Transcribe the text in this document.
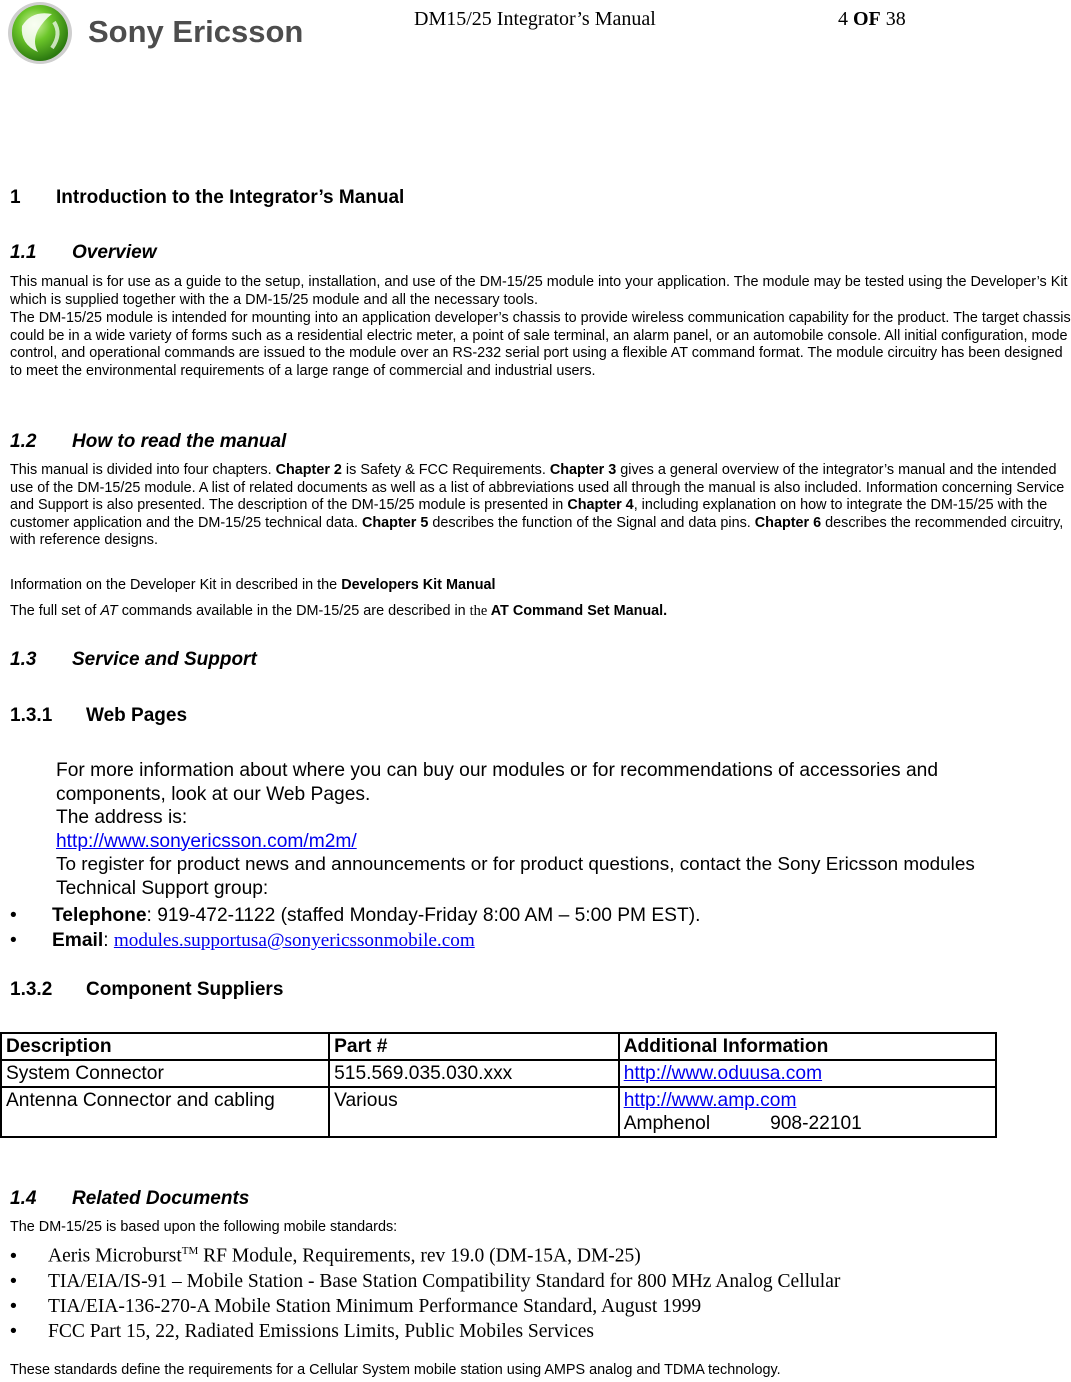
Sony Ericsson	DM15/25 Integrator’s Manual	4 OF 38
1 Introduction to the Integrator’s Manual
1.1 Overview
This manual is for use as a guide to the setup, installation, and use of the DM-15/25 module into your application. The module may be tested using the Developer’s Kit which is supplied together with the a DM-15/25 module and all the necessary tools.
The DM-15/25 module is intended for mounting into an application developer’s chassis to provide wireless communication capability for the product. The target chassis could be in a wide variety of forms such as a residential electric meter, a point of sale terminal, an alarm panel, or an automobile console. All initial configuration, mode control, and operational commands are issued to the module over an RS-232 serial port using a flexible AT command format. The module circuitry has been designed to meet the environmental requirements of a large range of commercial and industrial users.
1.2 How to read the manual
This manual is divided into four chapters. Chapter 2 is Safety & FCC Requirements. Chapter 3 gives a general overview of the integrator’s manual and the intended use of the DM-15/25 module. A list of related documents as well as a list of abbreviations used all through the manual is also included. Information concerning Service and Support is also presented. The description of the DM-15/25 module is presented in Chapter 4, including explanation on how to integrate the DM-15/25 with the customer application and the DM-15/25 technical data. Chapter 5 describes the function of the Signal and data pins. Chapter 6 describes the recommended circuitry, with reference designs.
Information on the Developer Kit in described in the Developers Kit Manual
The full set of AT commands available in the DM-15/25 are described in the AT Command Set Manual.
1.3 Service and Support
1.3.1 Web Pages
For more information about where you can buy our modules or for recommendations of accessories and
components, look at our Web Pages.
The address is:
http://www.sonyericsson.com/m2m/
To register for product news and announcements or for product questions, contact the Sony Ericsson modules
Technical Support group:
• Telephone: 919-472-1122 (staffed Monday-Friday 8:00 AM – 5:00 PM EST).
• Email: modules.supportusa@sonyericssonmobile.com
1.3.2 Component Suppliers
Description	Part #	Additional Information
System Connector	515.569.035.030.xxx	http://www.oduusa.com
Antenna Connector and cabling	Various	http://www.amp.com
Amphenol 908-22101
1.4 Related Documents
The DM-15/25 is based upon the following mobile standards:
• Aeris Microburst™ RF Module, Requirements, rev 19.0 (DM-15A, DM-25)
• TIA/EIA/IS-91 – Mobile Station - Base Station Compatibility Standard for 800 MHz Analog Cellular
• TIA/EIA-136-270-A Mobile Station Minimum Performance Standard, August 1999
• FCC Part 15, 22, Radiated Emissions Limits, Public Mobiles Services
These standards define the requirements for a Cellular System mobile station using AMPS analog and TDMA technology.
